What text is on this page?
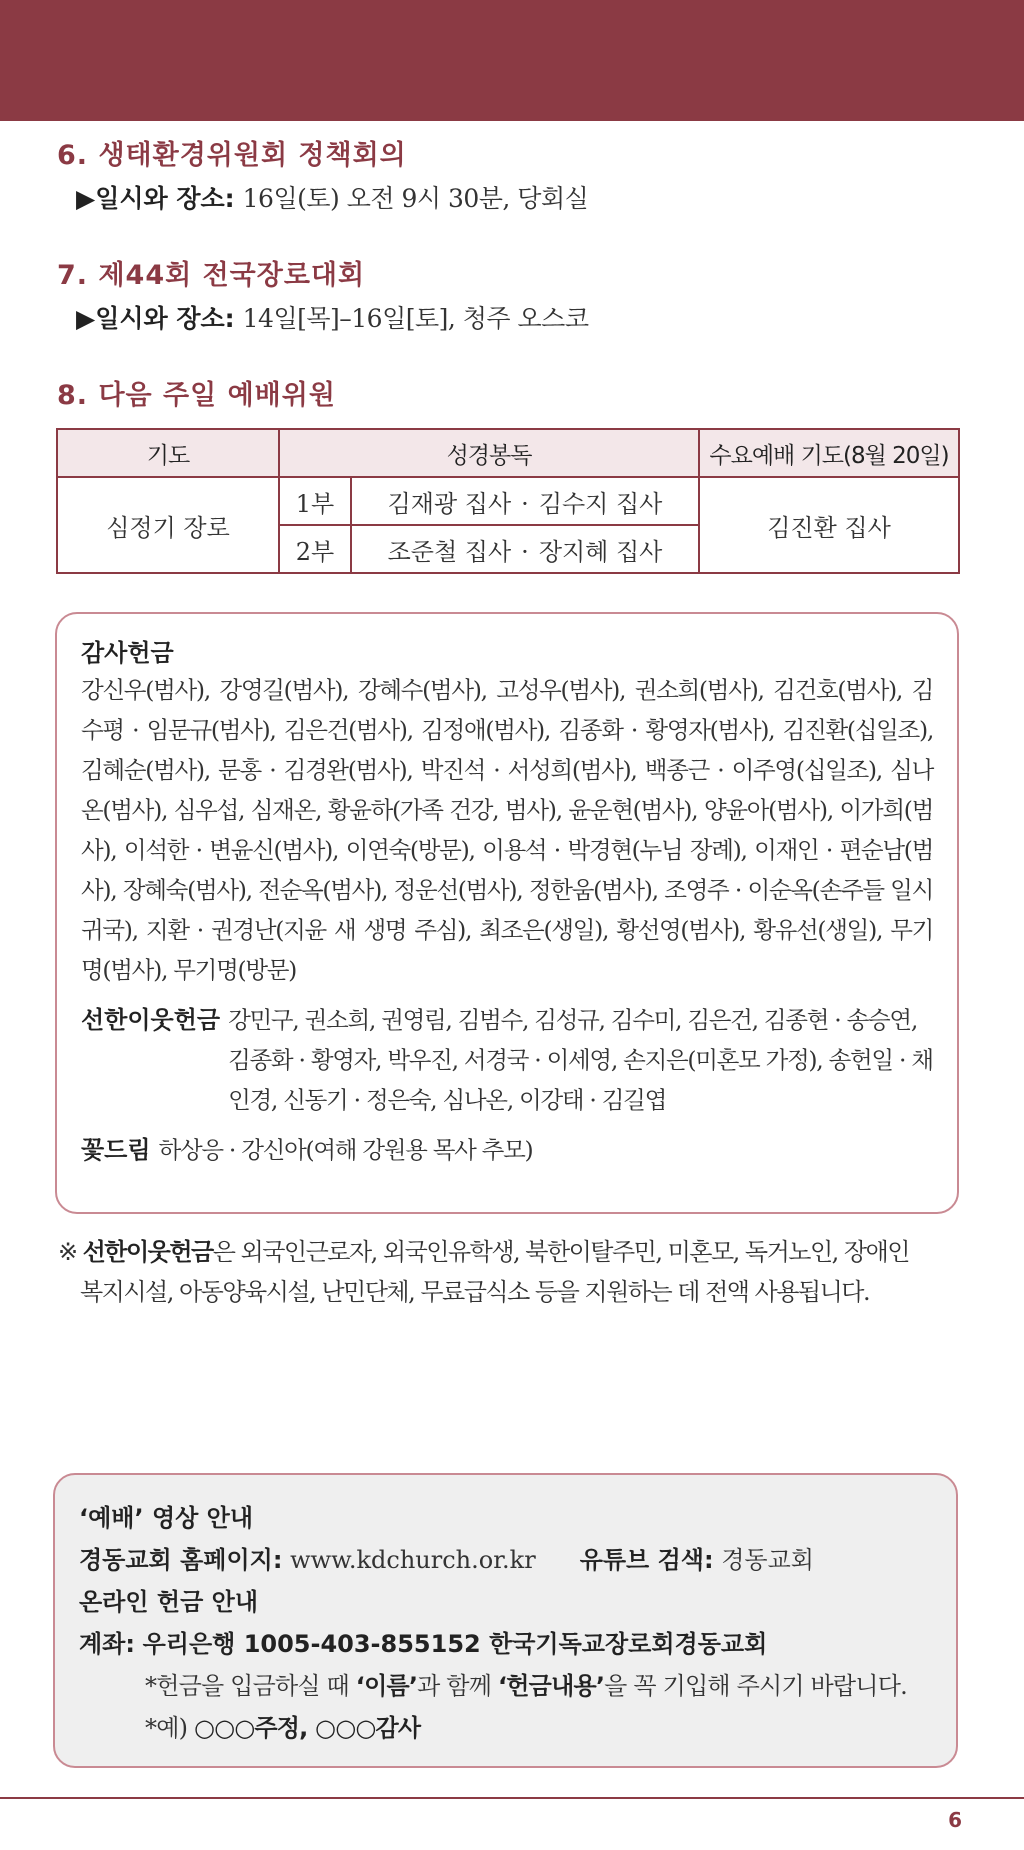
6. 생태환경위원회 정책회의
▶일시와 장소: 16일(토) 오전 9시 30분, 당회실
7. 제44회 전국장로대회
▶일시와 장소: 14일[목]–16일[토], 청주 오스코
8. 다음 주일 예배위원
기도	성경봉독		수요예배 기도(8월 20일)
심정기 장로	1부	김재광 집사 · 김수지 집사	김진환 집사
	2부	조준철 집사 · 장지혜 집사	
감사헌금
강신우(범사), 강영길(범사), 강혜수(범사), 고성우(범사), 권소희(범사), 김건호(범사), 김수평 · 임문규(범사), 김은건(범사), 김정애(범사), 김종화 · 황영자(범사), 김진환(십일조), 김혜순(범사), 문홍 · 김경완(범사), 박진석 · 서성희(범사), 백종근 · 이주영(십일조), 심나온(범사), 심우섭, 심재온, 황윤하(가족 건강, 범사), 윤운현(범사), 양윤아(범사), 이가희(범사), 이석한 · 변윤신(범사), 이연숙(방문), 이용석 · 박경현(누님 장례), 이재인 · 편순남(범사), 장혜숙(범사), 전순옥(범사), 정운선(범사), 정한움(범사), 조영주 · 이순옥(손주들 일시 귀국), 지환 · 권경난(지윤 새 생명 주심), 최조은(생일), 황선영(범사), 황유선(생일), 무기명(범사), 무기명(방문)
선한이웃헌금 강민구, 권소희, 권영림, 김범수, 김성규, 김수미, 김은건, 김종현 · 송승연, 김종화 · 황영자, 박우진, 서경국 · 이세영, 손지은(미혼모 가정), 송헌일 · 채인경, 신동기 · 정은숙, 심나온, 이강태 · 김길엽
꽃드림 하상응 · 강신아(여해 강원용 목사 추모)
※ 선한이웃헌금은 외국인근로자, 외국인유학생, 북한이탈주민, 미혼모, 독거노인, 장애인
복지시설, 아동양육시설, 난민단체, 무료급식소 등을 지원하는 데 전액 사용됩니다.
‘예배’ 영상 안내
경동교회 홈페이지: www.kdchurch.or.kr 유튜브 검색: 경동교회
온라인 헌금 안내
계좌: 우리은행 1005-403-855152 한국기독교장로회경동교회
*헌금을 입금하실 때 ‘이름’과 함께 ‘헌금내용’을 꼭 기입해 주시기 바랍니다.
*예) ○○○주정, ○○○감사
6
